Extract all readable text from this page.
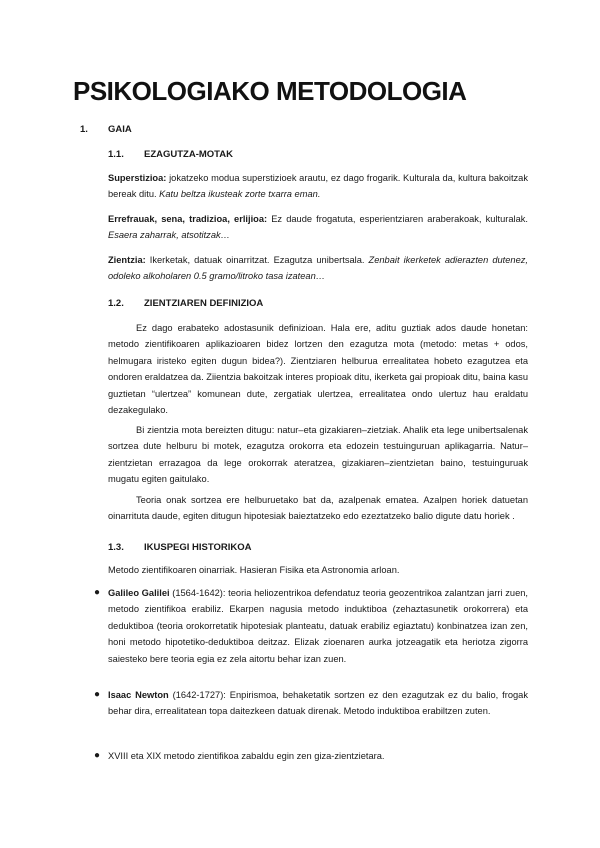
PSIKOLOGIAKO METODOLOGIA
1.	GAIA
1.1.	EZAGUTZA-MOTAK

Superstizioa: jokatzeko modua superstizioek arautu, ez dago frogarik. Kulturala da, kultura bakoitzak bereak ditu. Katu beltza ikusteak zorte txarra eman.

Errefrauak, sena, tradizioa, erlijioa: Ez daude frogatuta, esperientziaren araberakoak, kulturalak. Esaera zaharrak, atsotitzak…

Zientzia: Ikerketak, datuak oinarritzat. Ezagutza unibertsala. Zenbait ikerketek adierazten dutenez, odoleko alkoholaren 0.5 gramo/litroko tasa izatean…

1.2.	ZIENTZIAREN DEFINIZIOA

Ez dago erabateko adostasunik definizioan. Hala ere, aditu guztiak ados daude honetan: metodo zientifikoaren aplikazioaren bidez lortzen den ezagutza mota (metodo: metas + odos, helmugara iristeko egiten dugun bidea?). Zientziaren helburua errealitatea hobeto ezagutzea eta ondoren eraldatzea da. Ziientzia bakoitzak interes propioak ditu, ikerketa gai propioak ditu, baina kasu guztietan “ulertzea” komunean dute, zergatiak ulertzea, errealitatea ondo ulertuz hau eraldatu dezakegulako.

Bi zientzia mota bereizten ditugu: natur–eta gizakiaren–zietziak. Ahalik eta lege unibertsalenak sortzea dute helburu bi motek, ezagutza orokorra eta edozein testuinguruan aplikagarria. Natur–zientzietan errazagoa da lege orokorrak ateratzea, gizakiaren–zientzietan baino, testuinguruak mugatu egiten gaitulako.

Teoria onak sortzea ere helburuetako bat da, azalpenak ematea. Azalpen horiek datuetan oinarrituta daude, egiten ditugun hipotesiak baieztatzeko edo ezeztatzeko balio digute datu horiek .

1.3.	IKUSPEGI HISTORIKOA

Metodo zientifikoaren oinarriak. Hasieran Fisika eta Astronomia arloan.

● Galileo Galilei (1564-1642): teoria heliozentrikoa defendatuz teoria geozentrikoa zalantzan jarri zuen, metodo zientifikoa erabiliz. Ekarpen nagusia metodo induktiboa (zehaztasunetik orokorrera) eta deduktiboa (teoria orokorretatik hipotesiak planteatu, datuak erabiliz egiaztatu) konbinatzea izan zen, honi metodo hipotetiko-deduktiboa deitzaz. Elizak zioenaren aurka jotzeagatik eta heriotza zigorra saiesteko bere teoria egia ez zela aitortu behar izan zuen.
● Isaac Newton (1642-1727): Enpirismoa, behaketatik sortzen ez den ezagutzak ez du balio, frogak behar dira, errealitatean topa daitezkeen datuak direnak. Metodo induktiboa erabiltzen zuten.
● XVIII eta XIX metodo zientifikoa zabaldu egin zen giza-zientzietara.
